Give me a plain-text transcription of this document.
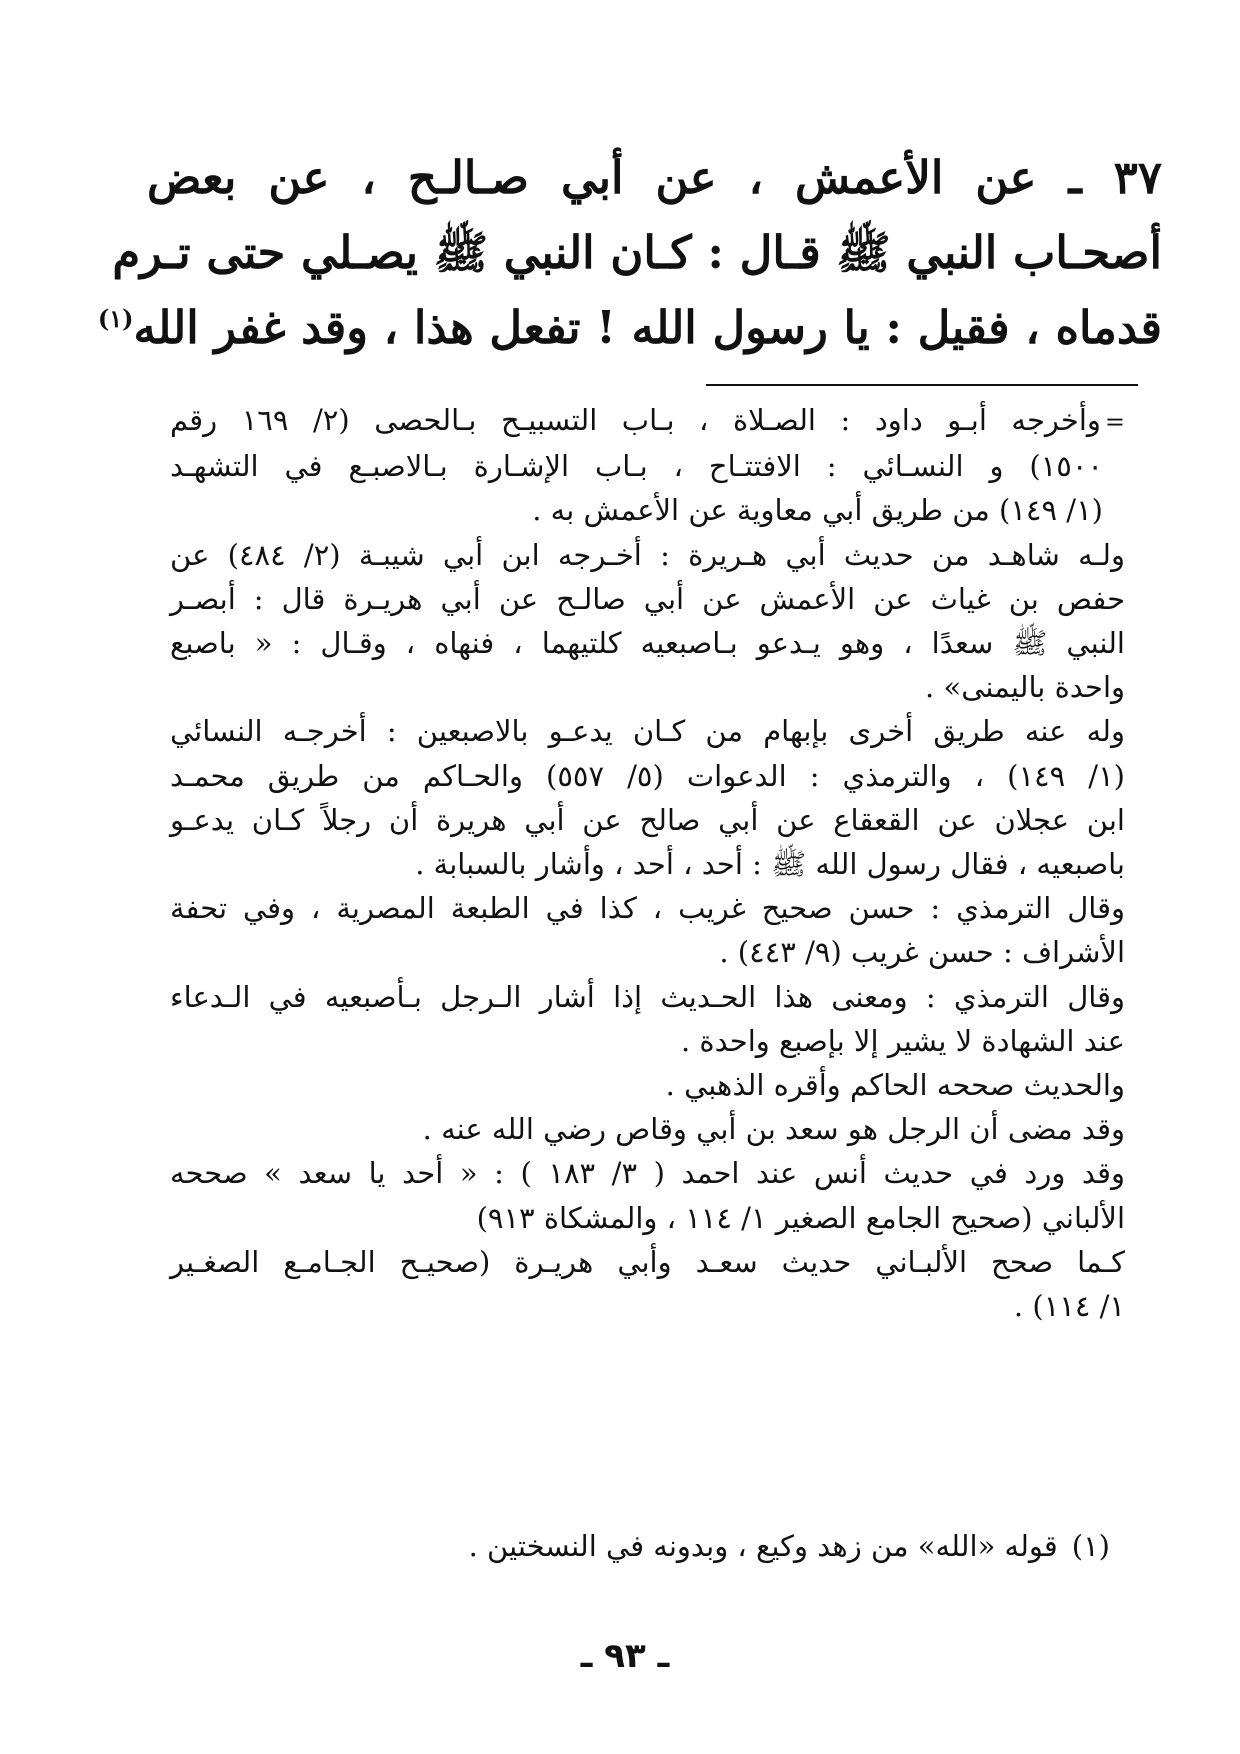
٣٧ ـ عن الأعمش ، عن أبي صـالـح ، عن بعض

أصحـاب النبي ﷺ قـال : كـان النبي ﷺ يصـلي حتى تـرم

قدماه ، فقيل : يا رسول الله ! تفعل هذا ، وقد غفر الله$^{(١)}$

=وأخرجه أبـو داود : الصـلاة ، بـاب التسبيـح بـالحصى (٢/ ١٦٩ رقم

١٥٠٠) و النسـائي : الافتتـاح ، بـاب الإشـارة بـالاصبـع في التشهـد

(١/ ١٤٩) من طريق أبي معاوية عن الأعمش به .

ولـه شاهـد من حديث أبي هـريرة : أخـرجه ابن أبي شيبـة (٢/ ٤٨٤) عن

حفص بن غياث عن الأعمش عن أبي صالـح عن أبي هريـرة قال : أبصـر

النبي ﷺ سعدًا ، وهو يـدعو بـاصبعيه كلتيهما ، فنهاه ، وقـال : « باصبع

واحدة باليمنى» .

وله عنه طريق أخرى بإبهام من كـان يدعـو بالاصبعين : أخرجـه النسائي

(١/ ١٤٩) ، والترمذي : الدعوات (٥/ ٥٥٧) والحـاكم من طريق محمـد

ابن عجلان عن القعقاع عن أبي صالح عن أبي هريرة أن رجلاً كـان يدعـو

باصبعيه ، فقال رسول الله ﷺ : أحد ، أحد ، وأشار بالسبابة .

وقال الترمذي : حسن صحيح غريب ، كذا في الطبعة المصرية ، وفي تحفة

الأشراف : حسن غريب (٩/ ٤٤٣) .

وقال الترمذي : ومعنى هذا الحـديث إذا أشار الـرجل بـأصبعيه في الـدعاء

عند الشهادة لا يشير إلا بإصبع واحدة .

والحديث صححه الحاكم وأقره الذهبي .

وقد مضى أن الرجل هو سعد بن أبي وقاص رضي الله عنه .

وقد ورد في حديث أنس عند احمد ( ٣/ ١٨٣ ) : « أحد يا سعد » صححه

الألباني (صحيح الجامع الصغير ١/ ١١٤ ، والمشكاة ٩١٣)

كـما صحح الألبـاني حديث سعـد وأبي هريـرة (صحيـح الجـامـع الصغـير

١/ ١١٤) .

(١)قوله «الله» من زهد وكيع ، وبدونه في النسختين .
ـ ٩٣ ـ
